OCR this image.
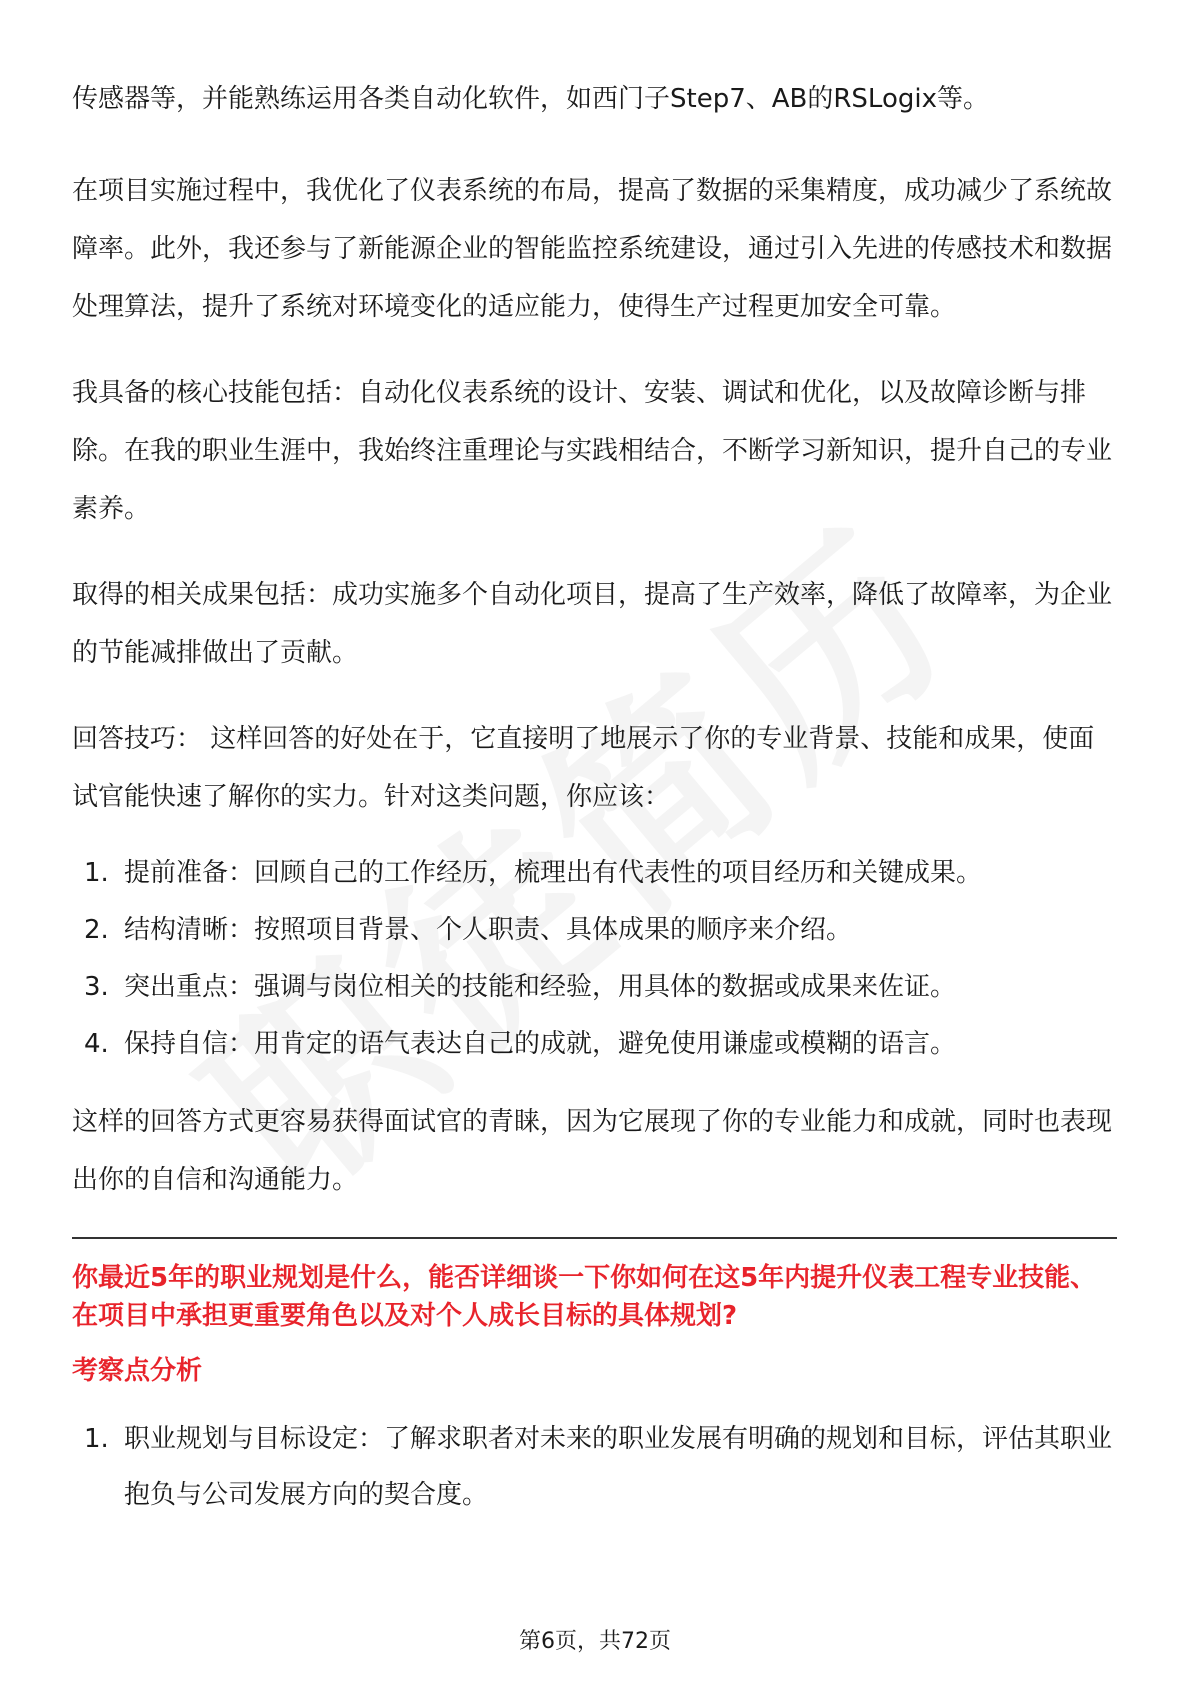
传感器等，并能熟练运用各类自动化软件，如西门子Step7、AB的RSLogix等。

在项目实施过程中，我优化了仪表系统的布局，提高了数据的采集精度，成功减少了系统故障率。此外，我还参与了新能源企业的智能监控系统建设，通过引入先进的传感技术和数据处理算法，提升了系统对环境变化的适应能力，使得生产过程更加安全可靠。

我具备的核心技能包括：自动化仪表系统的设计、安装、调试和优化，以及故障诊断与排除。在我的职业生涯中，我始终注重理论与实践相结合，不断学习新知识，提升自己的专业素养。

取得的相关成果包括：成功实施多个自动化项目，提高了生产效率，降低了故障率，为企业的节能减排做出了贡献。

回答技巧： 这样回答的好处在于，它直接明了地展示了你的专业背景、技能和成果，使面试官能快速了解你的实力。针对这类问题，你应该：

1. 提前准备：回顾自己的工作经历，梳理出有代表性的项目经历和关键成果。
2. 结构清晰：按照项目背景、个人职责、具体成果的顺序来介绍。
3. 突出重点：强调与岗位相关的技能和经验，用具体的数据或成果来佐证。
4. 保持自信：用肯定的语气表达自己的成就，避免使用谦虚或模糊的语言。

这样的回答方式更容易获得面试官的青睐，因为它展现了你的专业能力和成就，同时也表现出你的自信和沟通能力。

你最近5年的职业规划是什么，能否详细谈一下你如何在这5年内提升仪表工程专业技能、在项目中承担更重要角色以及对个人成长目标的具体规划?
考察点分析
1. 职业规划与目标设定：了解求职者对未来的职业发展有明确的规划和目标，评估其职业抱负与公司发展方向的契合度。
第6页，共72页
